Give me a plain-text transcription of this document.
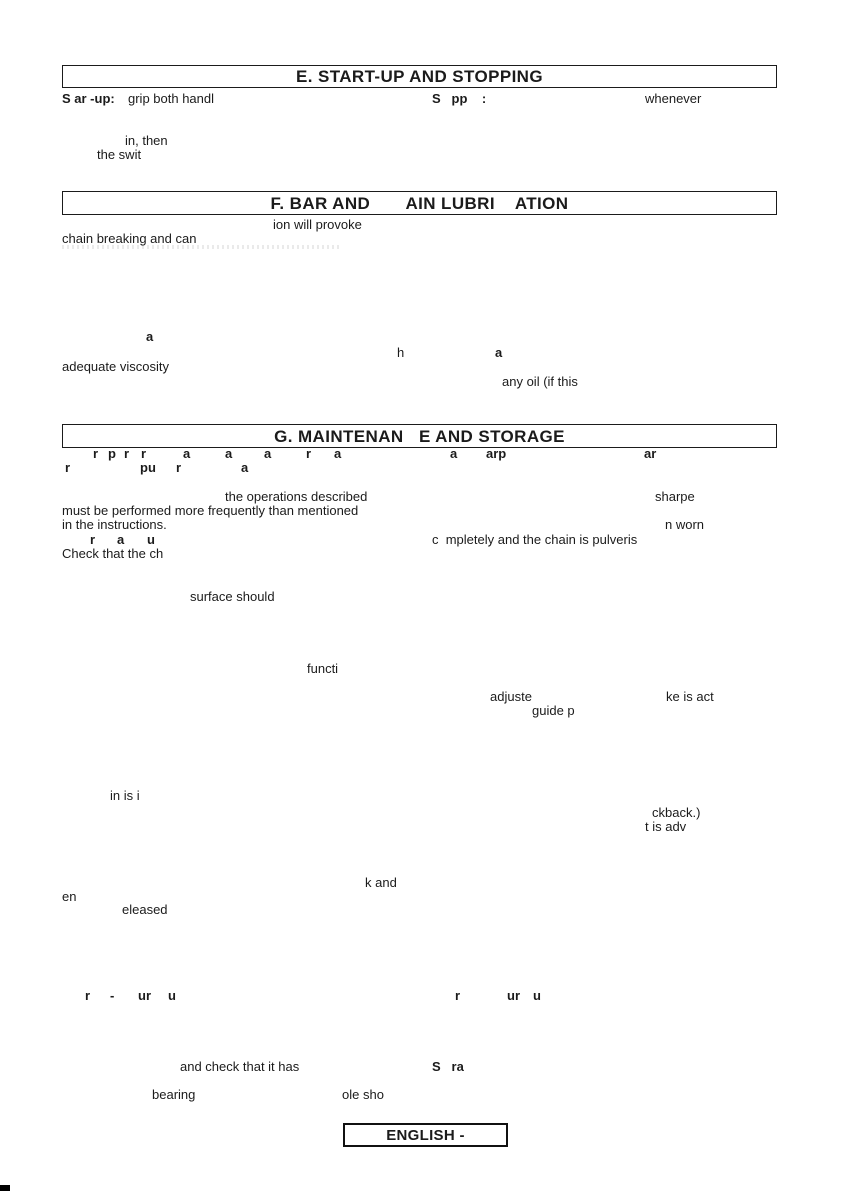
E. START-UP AND STOPPING
F. BAR AND       AIN LUBRI    ATION
G. MAINTENAN   E AND STORAGE
S ar -up: grip both handl	S   pp    :	whenever
in, then
the swit
ion will provoke
chain breaking and can
a
h	a
adequate viscosity
any oil (if this
r p r r	a	a a	r a	a arp	ar
r	pu r	a
the operations described	sharpe
must be performed more frequently than mentioned
in the instructions.	n worn
r a u	c  mpletely and the chain is pulveris
Check that the ch
surface should
functi
adjuste	ke is act
guide p
in is i
ckback.)
t is adv
k and
en
eleased
r - ur u	r	ur u
and check that it has	S   ra
bearing	ole sho
ENGLISH -
